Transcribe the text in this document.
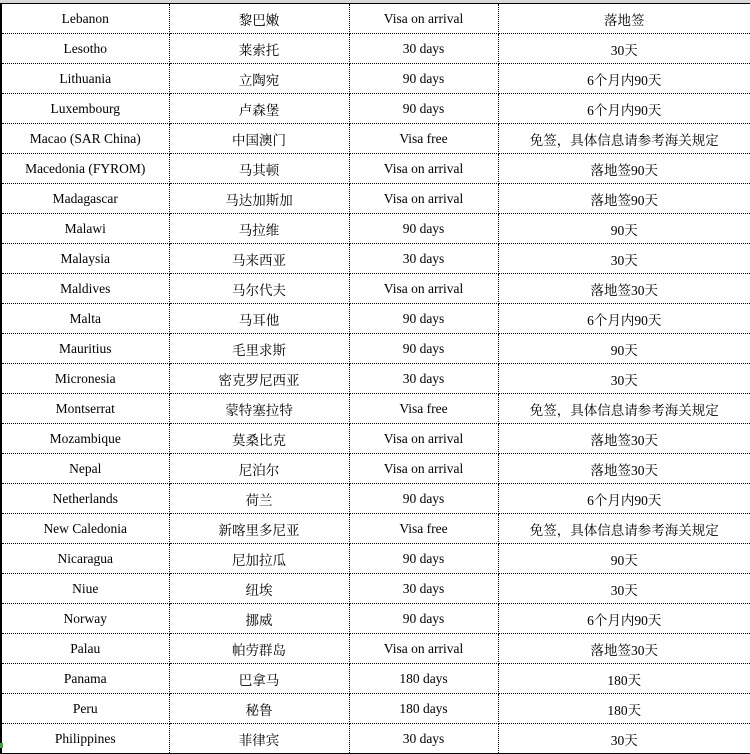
Lebanon	黎巴嫩	Visa on arrival	落地签
Lesotho	莱索托	30 days	30天
Lithuania	立陶宛	90 days	6个月内90天
Luxembourg	卢森堡	90 days	6个月内90天
Macao (SAR China)	中国澳门	Visa free	免签，具体信息请参考海关规定
Macedonia (FYROM)	马其顿	Visa on arrival	落地签90天
Madagascar	马达加斯加	Visa on arrival	落地签90天
Malawi	马拉维	90 days	90天
Malaysia	马来西亚	30 days	30天
Maldives	马尔代夫	Visa on arrival	落地签30天
Malta	马耳他	90 days	6个月内90天
Mauritius	毛里求斯	90 days	90天
Micronesia	密克罗尼西亚	30 days	30天
Montserrat	蒙特塞拉特	Visa free	免签，具体信息请参考海关规定
Mozambique	莫桑比克	Visa on arrival	落地签30天
Nepal	尼泊尔	Visa on arrival	落地签30天
Netherlands	荷兰	90 days	6个月内90天
New Caledonia	新喀里多尼亚	Visa free	免签，具体信息请参考海关规定
Nicaragua	尼加拉瓜	90 days	90天
Niue	纽埃	30 days	30天
Norway	挪威	90 days	6个月内90天
Palau	帕劳群岛	Visa on arrival	落地签30天
Panama	巴拿马	180 days	180天
Peru	秘鲁	180 days	180天
Philippines	菲律宾	30 days	30天
